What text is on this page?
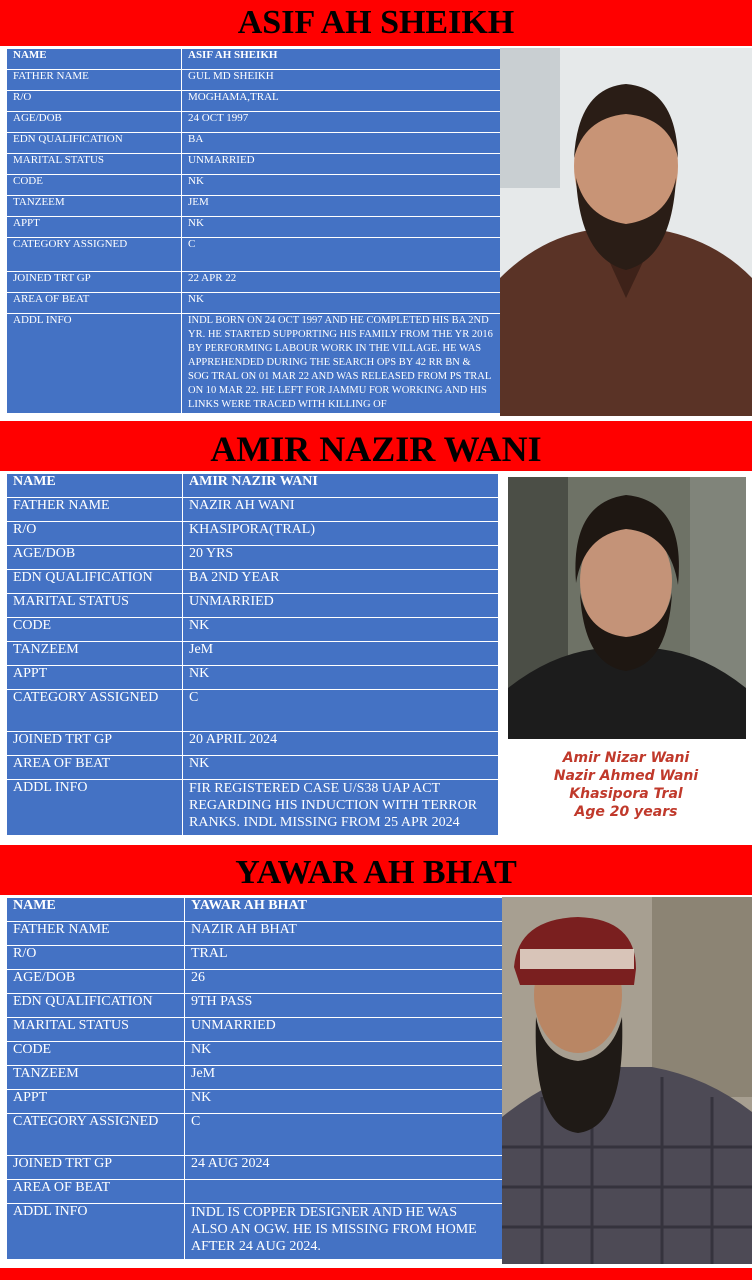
ASIF AH SHEIKH
NAME	ASIF AH SHEIKH
FATHER NAME	GUL MD SHEIKH
R/O	MOGHAMA,TRAL
AGE/DOB	24 OCT 1997
EDN QUALIFICATION	BA
MARITAL STATUS	UNMARRIED
CODE	NK
TANZEEM	JEM
APPT	NK
CATEGORY ASSIGNED	C
JOINED TRT GP	22 APR 22
AREA OF BEAT	NK
ADDL INFO	INDL BORN ON 24 OCT 1997 AND HE COMPLETED HIS BA 2ND YR. HE STARTED SUPPORTING HIS FAMILY FROM THE YR 2016 BY PERFORMING LABOUR WORK IN THE VILLAGE. HE WAS APPREHENDED DURING THE SEARCH OPS BY 42 RR BN & SOG TRAL ON 01 MAR 22 AND WAS RELEASED FROM PS TRAL ON 10 MAR 22. HE LEFT FOR JAMMU FOR WORKING AND HIS LINKS WERE TRACED WITH KILLING OF
AMIR NAZIR WANI
NAME	AMIR NAZIR WANI
FATHER NAME	NAZIR AH WANI
R/O	KHASIPORA(TRAL)
AGE/DOB	20 YRS
EDN QUALIFICATION	BA 2ND YEAR
MARITAL STATUS	UNMARRIED
CODE	NK
TANZEEM	JeM
APPT	NK
CATEGORY ASSIGNED	C
JOINED TRT GP	20 APRIL 2024
AREA OF BEAT	NK
ADDL INFO	FIR REGISTERED CASE U/S38 UAP ACT REGARDING HIS INDUCTION WITH TERROR RANKS. INDL MISSING FROM 25 APR 2024
Amir Nizar Wani
Nazir Ahmed Wani
Khasipora Tral
Age 20 years
YAWAR AH BHAT
NAME	YAWAR AH BHAT
FATHER NAME	NAZIR AH BHAT
R/O	TRAL
AGE/DOB	26
EDN QUALIFICATION	9TH PASS
MARITAL STATUS	UNMARRIED
CODE	NK
TANZEEM	JeM
APPT	NK
CATEGORY ASSIGNED	C
JOINED TRT GP	24 AUG 2024
AREA OF BEAT	
ADDL INFO	INDL IS COPPER DESIGNER AND HE WAS ALSO AN OGW. HE IS MISSING FROM HOME AFTER 24 AUG 2024.
